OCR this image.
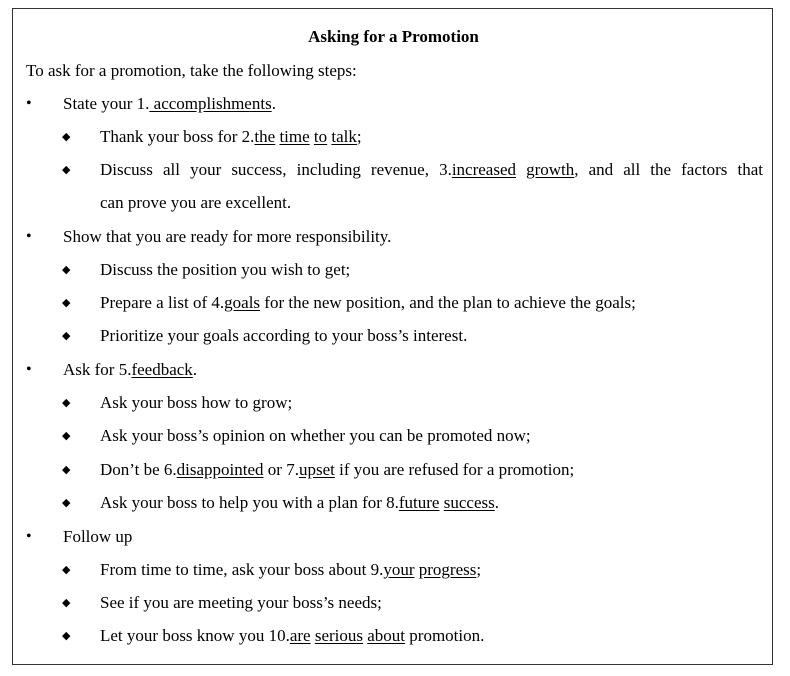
Asking for a Promotion
To ask for a promotion, take the following steps:
• State your 1. accomplishments.
◆ Thank your boss for 2.the time to talk;
◆ Discuss all your success, including revenue, 3.increased growth, and all the factors that
can prove you are excellent.
• Show that you are ready for more responsibility.
◆ Discuss the position you wish to get;
◆ Prepare a list of 4.goals for the new position, and the plan to achieve the goals;
◆ Prioritize your goals according to your boss’s interest.
• Ask for 5.feedback.
◆ Ask your boss how to grow;
◆ Ask your boss’s opinion on whether you can be promoted now;
◆ Don’t be 6.disappointed or 7.upset if you are refused for a promotion;
◆ Ask your boss to help you with a plan for 8.future success.
• Follow up
◆ From time to time, ask your boss about 9.your progress;
◆ See if you are meeting your boss’s needs;
◆ Let your boss know you 10.are serious about promotion.
